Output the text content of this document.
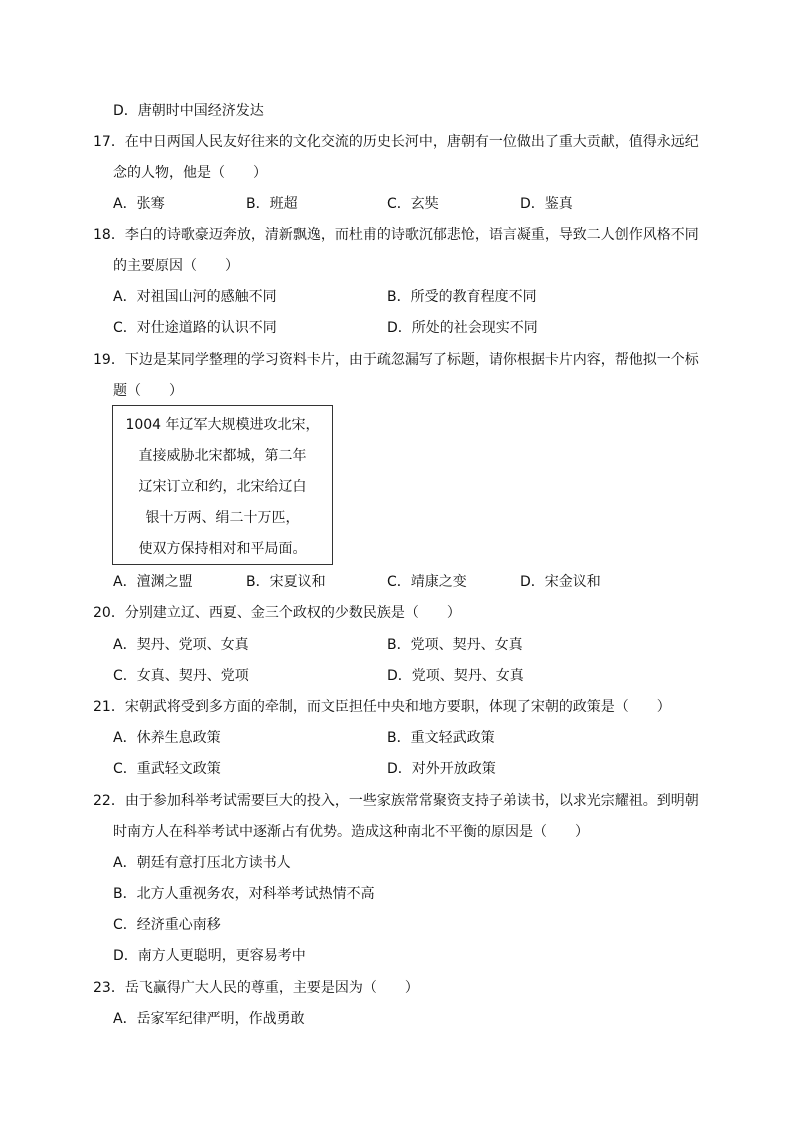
D．唐朝时中国经济发达
17．在中日两国人民友好往来的文化交流的历史长河中，唐朝有一位做出了重大贡献，值得永远纪
念的人物，他是（　　）
A．张骞	B．班超	C．玄奘	D．鉴真
18．李白的诗歌豪迈奔放，清新飘逸，而杜甫的诗歌沉郁悲怆，语言凝重，导致二人创作风格不同
的主要原因（　　）
A．对祖国山河的感触不同	B．所受的教育程度不同
C．对仕途道路的认识不同	D．所处的社会现实不同
19．下边是某同学整理的学习资料卡片，由于疏忽漏写了标题，请你根据卡片内容，帮他拟一个标
题（　　）
1004 年辽军大规模进攻北宋，
直接威胁北宋都城，第二年
辽宋订立和约，北宋给辽白
银十万两、绢二十万匹，
使双方保持相对和平局面。
A．澶渊之盟	B．宋夏议和	C．靖康之变	D．宋金议和
20．分别建立辽、西夏、金三个政权的少数民族是（　　）
A．契丹、党项、女真	B．党项、契丹、女真
C．女真、契丹、党项	D．党项、契丹、女真
21．宋朝武将受到多方面的牵制，而文臣担任中央和地方要职，体现了宋朝的政策是（　　）
A．休养生息政策	B．重文轻武政策
C．重武轻文政策	D．对外开放政策
22．由于参加科举考试需要巨大的投入，一些家族常常聚资支持子弟读书，以求光宗耀祖。到明朝
时南方人在科举考试中逐渐占有优势。造成这种南北不平衡的原因是（　　）
A．朝廷有意打压北方读书人
B．北方人重视务农，对科举考试热情不高
C．经济重心南移
D．南方人更聪明，更容易考中
23．岳飞赢得广大人民的尊重，主要是因为（　　）
A．岳家军纪律严明，作战勇敢
